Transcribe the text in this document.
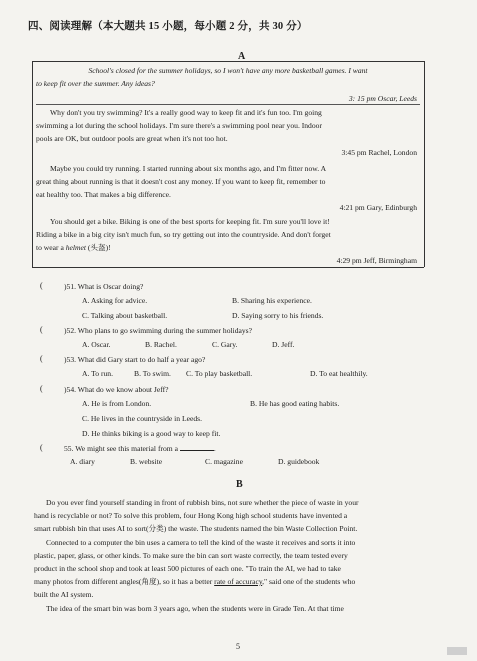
四、阅读理解（本大题共 15 小题，每小题 2 分，共 30 分）
A
School's closed for the summer holidays, so I won't have any more basketball games. I want
to keep fit over the summer. Any ideas?
3: 15 pm Oscar, Leeds
Why don't you try swimming? It's a really good way to keep fit and it's fun too. I'm going
swimming a lot during the school holidays. I'm sure there's a swimming pool near you. Indoor
pools are OK, but outdoor pools are great when it's not too hot.
3:45 pm Rachel, London
Maybe you could try running. I started running about six months ago, and I'm fitter now. A
great thing about running is that it doesn't cost any money. If you want to keep fit, remember to
eat healthy too. That makes a big difference.
4:21 pm Gary, Edinburgh
You should get a bike. Biking is one of the best sports for keeping fit. I'm sure you'll love it!
Riding a bike in a big city isn't much fun, so try getting out into the countryside. And don't forget
to wear a helmet (头盔)!
4:29 pm Jeff, Birmingham
(	)51. What is Oscar doing?
A. Asking for advice.	B. Sharing his experience.
C. Talking about basketball.	D. Saying sorry to his friends.
(	)52. Who plans to go swimming during the summer holidays?
A. Oscar.	B. Rachel.	C. Gary.	D. Jeff.
(	)53. What did Gary start to do half a year ago?
A. To run.	B. To swim. C. To play basketball.	D. To eat healthily.
(	)54. What do we know about Jeff?
A. He is from London.	B. He has good eating habits.
C. He lives in the countryside in Leeds.
D. He thinks biking is a good way to keep fit.
(	55. We might see this material from a	.
A. diary	B. website	C. magazine	D. guidebook
B
Do you ever find yourself standing in front of rubbish bins, not sure whether the piece of waste in your
hand is recyclable or not? To solve this problem, four Hong Kong high school students have invented a
smart rubbish bin that uses AI to sort(分类) the waste. The students named the bin Waste Collection Point.
Connected to a computer the bin uses a camera to tell the kind of the waste it receives and sorts it into
plastic, paper, glass, or other kinds. To make sure the bin can sort waste correctly, the team tested every
product in the school shop and took at least 500 pictures of each one. "To train the AI, we had to take
many photos from different angles(角度), so it has a better rate of accuracy," said one of the students who
built the AI system.
The idea of the smart bin was born 3 years ago, when the students were in Grade Ten. At that time
5
